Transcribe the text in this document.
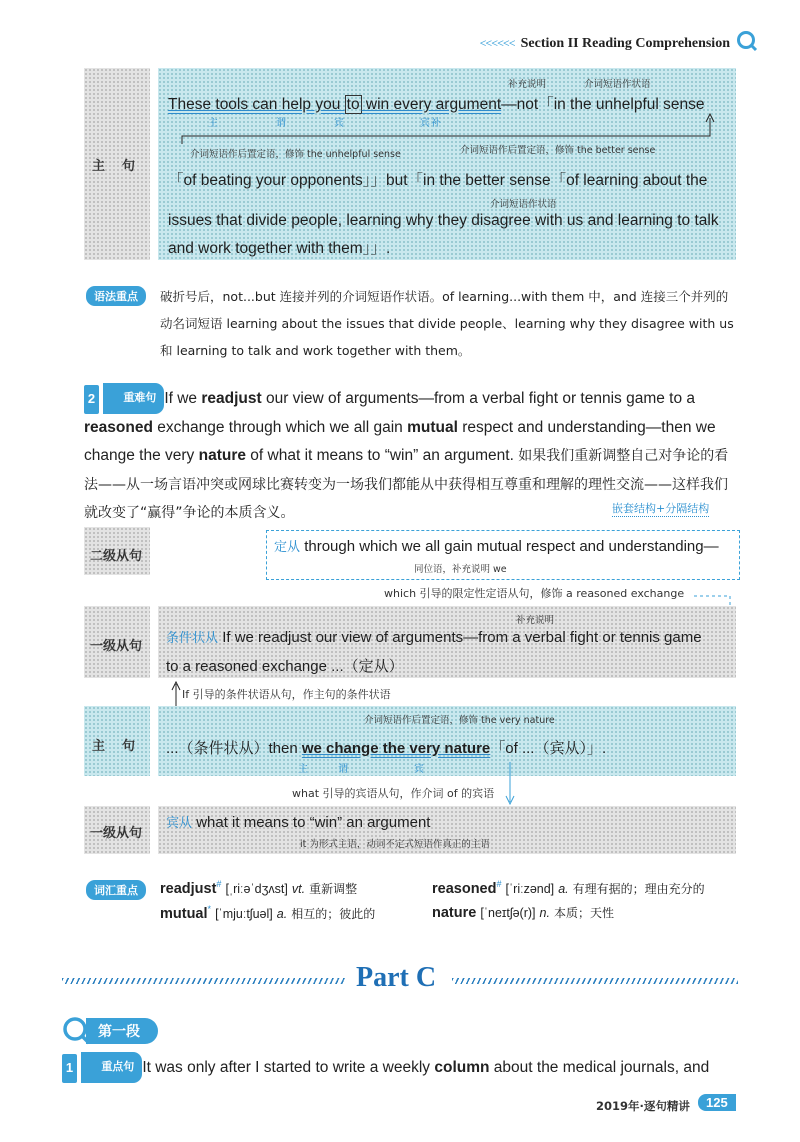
<<<<<< Section II Reading Comprehension
主　句
补充说明	介词短语作状语
These tools can help you to win every argument—not「in the unhelpful sense
主	谓	宾	宾补
介词短语作后置定语，修饰 the unhelpful sense	介词短语作后置定语，修饰 the better sense
「of beating your opponents」」but「in the better sense「of learning about the
介词短语作状语
issues that divide people, learning why they disagree with us and learning to talk
and work together with them」」.
语法重点	破折号后，not...but 连接并列的介词短语作状语。of learning...with them 中，and 连接三个并列的动名词短语 learning about the issues that divide people、learning why they disagree with us 和 learning to talk and work together with them。
2	重难句 If we readjust our view of arguments—from a verbal fight or tennis game to a reasoned exchange through which we all gain mutual respect and understanding—then we change the very nature of what it means to “win” an argument. 如果我们重新调整自己对争论的看法——从一场言语冲突或网球比赛转变为一场我们都能从中获得相互尊重和理解的理性交流——这样我们就改变了“赢得”争论的本质含义。	嵌套结构+分隔结构
二级从句
定从 through which we all gain mutual respect and understanding—
同位语，补充说明 we
which 引导的限定性定语从句，修饰 a reasoned exchange
一级从句
补充说明
条件状从 If we readjust our view of arguments—from a verbal fight or tennis game
to a reasoned exchange ...（定从）
If 引导的条件状语从句，作主句的条件状语
主　句
介词短语作后置定语，修饰 the very nature
...（条件状从）then we change the very nature「of ...（宾从）」.
主 谓	宾
what 引导的宾语从句，作介词 of 的宾语
一级从句
宾从 what it means to “win” an argument
it 为形式主语，动词不定式短语作真正的主语
词汇重点	readjust# [ˌriːəˈdʒʌst] vt. 重新调整	reasoned# [ˈriːzənd] a. 有理有据的；理由充分的
mutual* [ˈmjuːtʃuəl] a. 相互的；彼此的	nature [ˈneɪtʃə(r)] n. 本质；天性
Part C
第一段
1	重点句 It was only after I started to write a weekly column about the medical journals, and
2019年·逐句精讲	125
